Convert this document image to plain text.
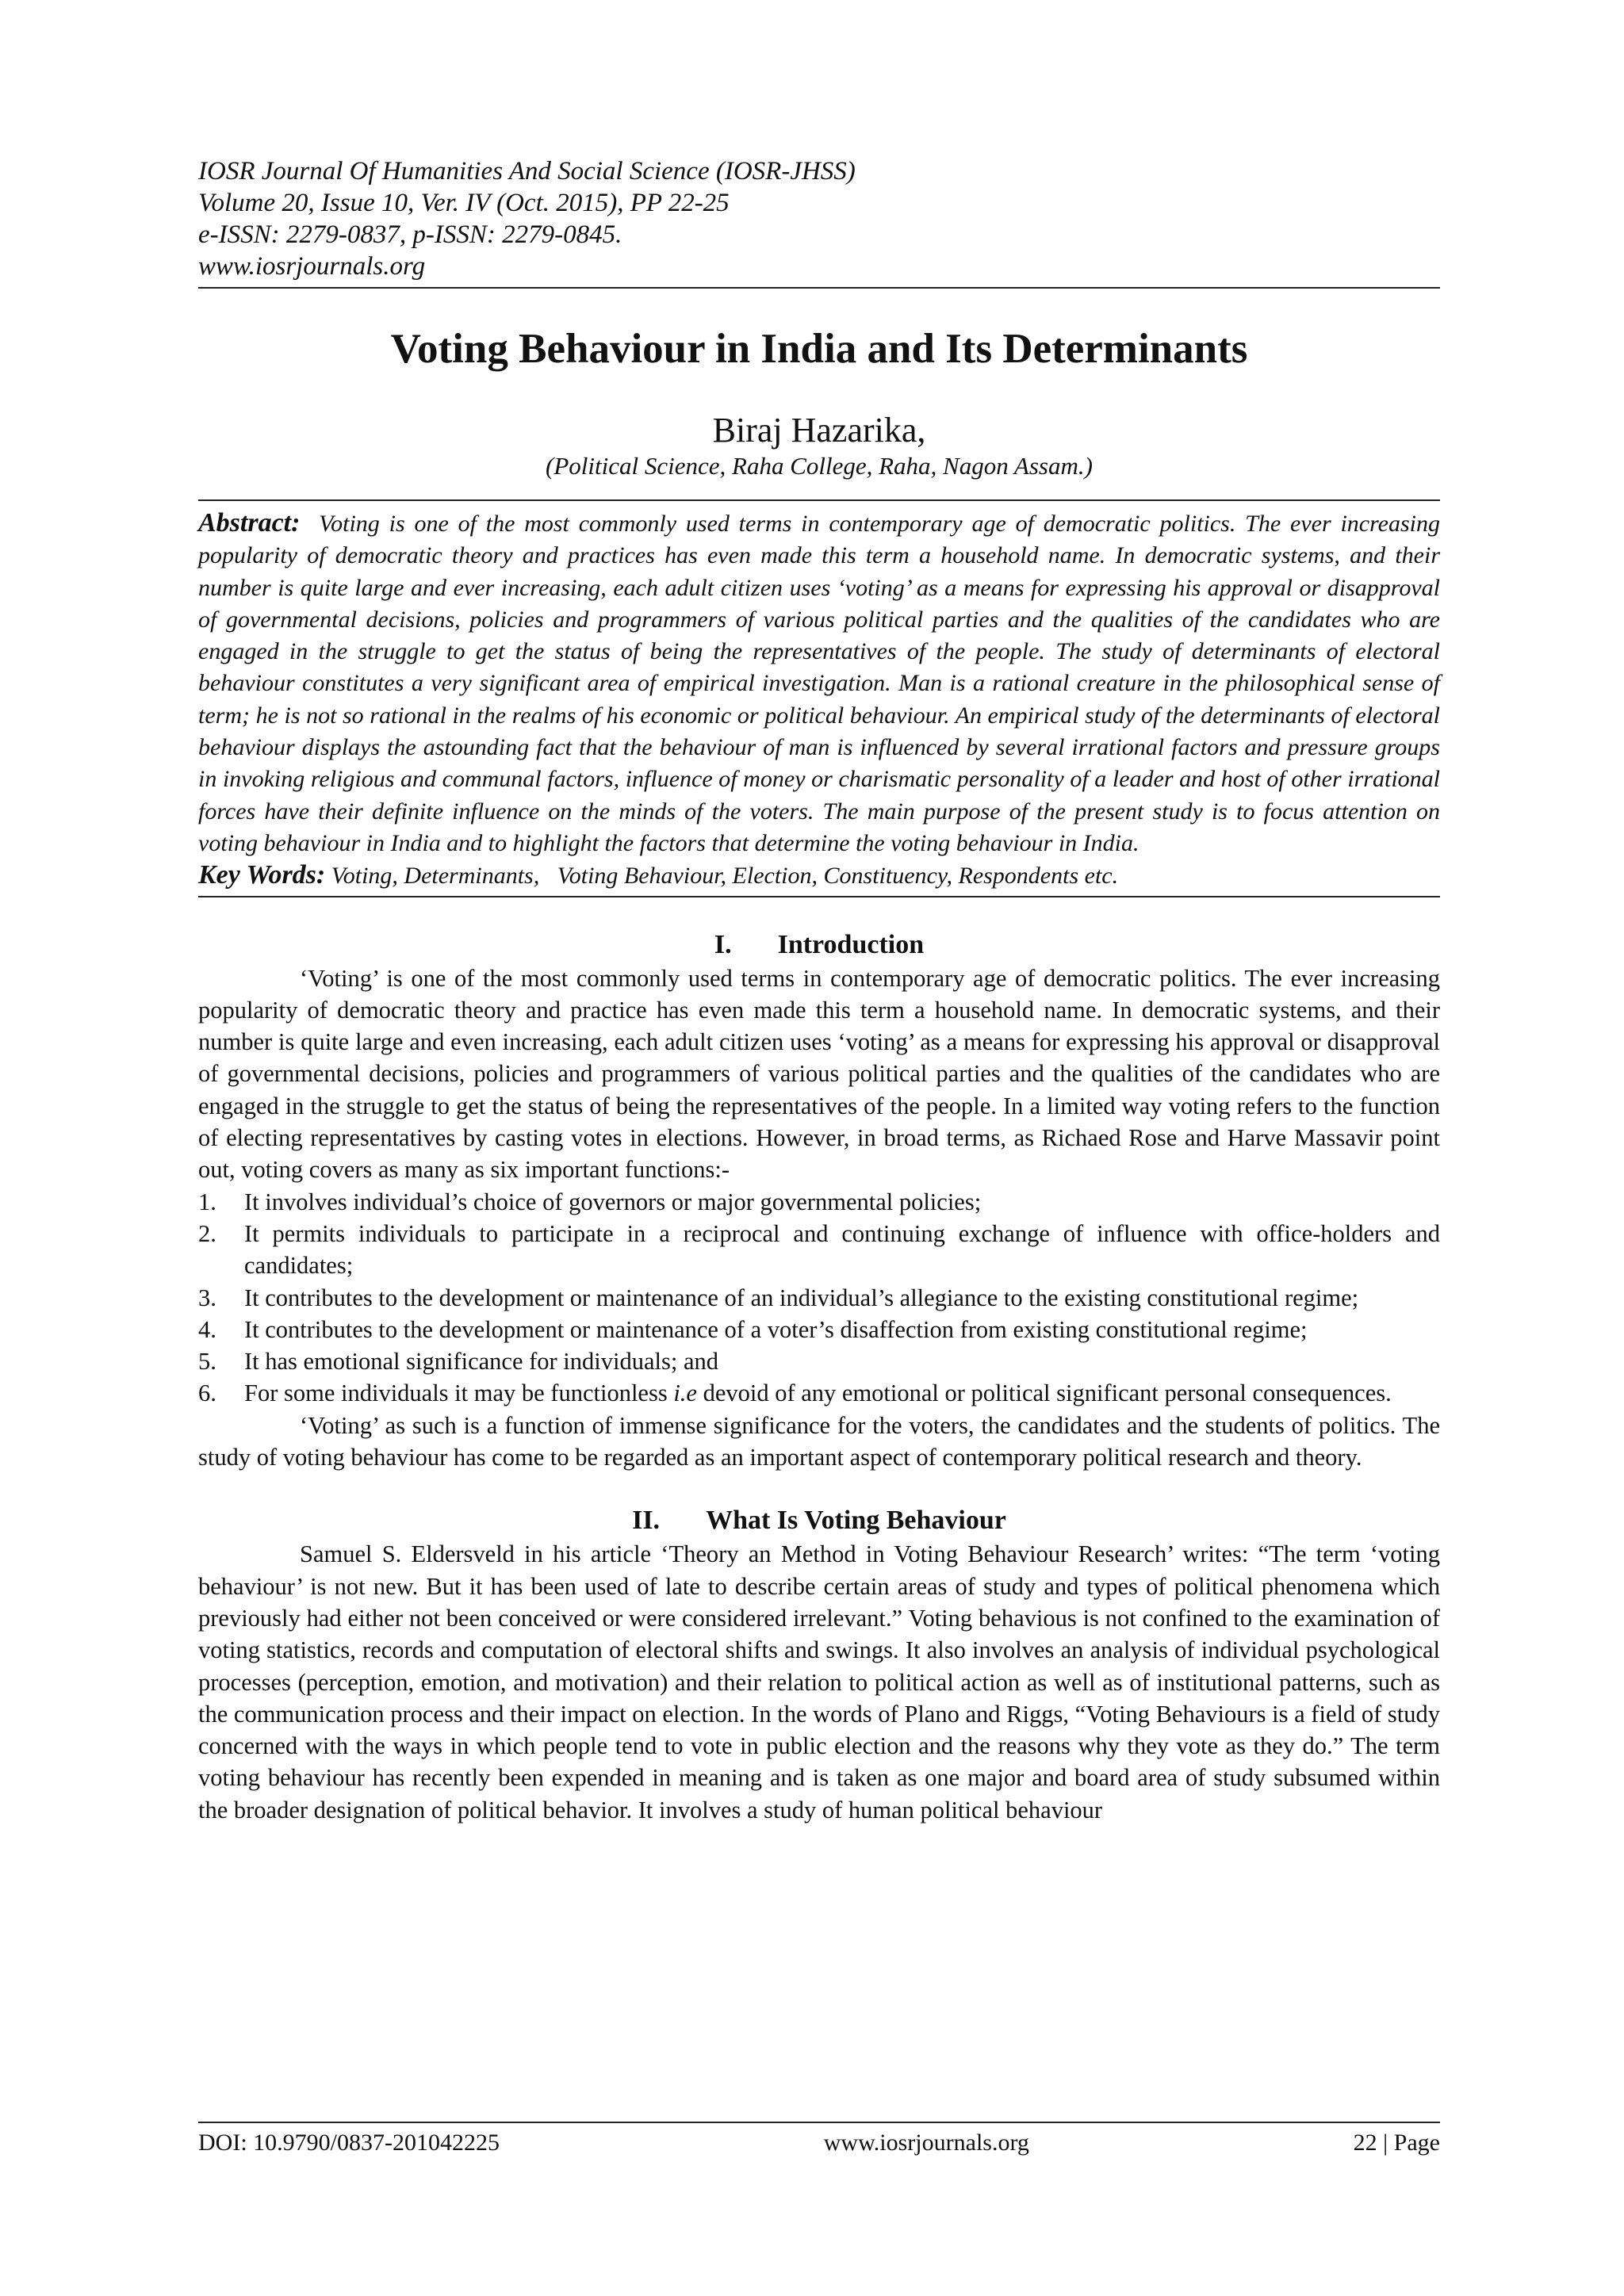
IOSR Journal Of Humanities And Social Science (IOSR-JHSS)
Volume 20, Issue 10, Ver. IV (Oct. 2015), PP 22-25
e-ISSN: 2279-0837, p-ISSN: 2279-0845.
www.iosrjournals.org
Voting Behaviour in India and Its Determinants
Biraj Hazarika,
(Political Science, Raha College, Raha, Nagon Assam.)

Abstract: Voting is one of the most commonly used terms in contemporary age of democratic politics. The ever increasing popularity of democratic theory and practices has even made this term a household name. In democratic systems, and their number is quite large and ever increasing, each adult citizen uses ‘voting’ as a means for expressing his approval or disapproval of governmental decisions, policies and programmers of various political parties and the qualities of the candidates who are engaged in the struggle to get the status of being the representatives of the people. The study of determinants of electoral behaviour constitutes a very significant area of empirical investigation. Man is a rational creature in the philosophical sense of term; he is not so rational in the realms of his economic or political behaviour. An empirical study of the determinants of electoral behaviour displays the astounding fact that the behaviour of man is influenced by several irrational factors and pressure groups in invoking religious and communal factors, influence of money or charismatic personality of a leader and host of other irrational forces have their definite influence on the minds of the voters. The main purpose of the present study is to focus attention on voting behaviour in India and to highlight the factors that determine the voting behaviour in India.

Key Words: Voting, Determinants,   Voting Behaviour, Election, Constituency, Respondents etc.

I. Introduction

‘Voting’ is one of the most commonly used terms in contemporary age of democratic politics. The ever increasing popularity of democratic theory and practice has even made this term a household name. In democratic systems, and their number is quite large and even increasing, each adult citizen uses ‘voting’ as a means for expressing his approval or disapproval of governmental decisions, policies and programmers of various political parties and the qualities of the candidates who are engaged in the struggle to get the status of being the representatives of the people. In a limited way voting refers to the function of electing representatives by casting votes in elections. However, in broad terms, as Richaed Rose and Harve Massavir point out, voting covers as many as six important functions:-

1. It involves individual’s choice of governors or major governmental policies;
2. It permits individuals to participate in a reciprocal and continuing exchange of influence with office-holders and candidates;
3. It contributes to the development or maintenance of an individual’s allegiance to the existing constitutional regime;
4. It contributes to the development or maintenance of a voter’s disaffection from existing constitutional regime;
5. It has emotional significance for individuals; and
6. For some individuals it may be functionless i.e devoid of any emotional or political significant personal consequences.

‘Voting’ as such is a function of immense significance for the voters, the candidates and the students of politics. The study of voting behaviour has come to be regarded as an important aspect of contemporary political research and theory.

II. What Is Voting Behaviour

Samuel S. Eldersveld in his article ‘Theory an Method in Voting Behaviour Research’ writes: “The term ‘voting behaviour’ is not new. But it has been used of late to describe certain areas of study and types of political phenomena which previously had either not been conceived or were considered irrelevant.” Voting behavious is not confined to the examination of voting statistics, records and computation of electoral shifts and swings. It also involves an analysis of individual psychological processes (perception, emotion, and motivation) and their relation to political action as well as of institutional patterns, such as the communication process and their impact on election. In the words of Plano and Riggs, “Voting Behaviours is a field of study concerned with the ways in which people tend to vote in public election and the reasons why they vote as they do.” The term voting behaviour has recently been expended in meaning and is taken as one major and board area of study subsumed within the broader designation of political behavior. It involves a study of human political behaviour

DOI: 10.9790/0837-201042225	www.iosrjournals.org	22 | Page
